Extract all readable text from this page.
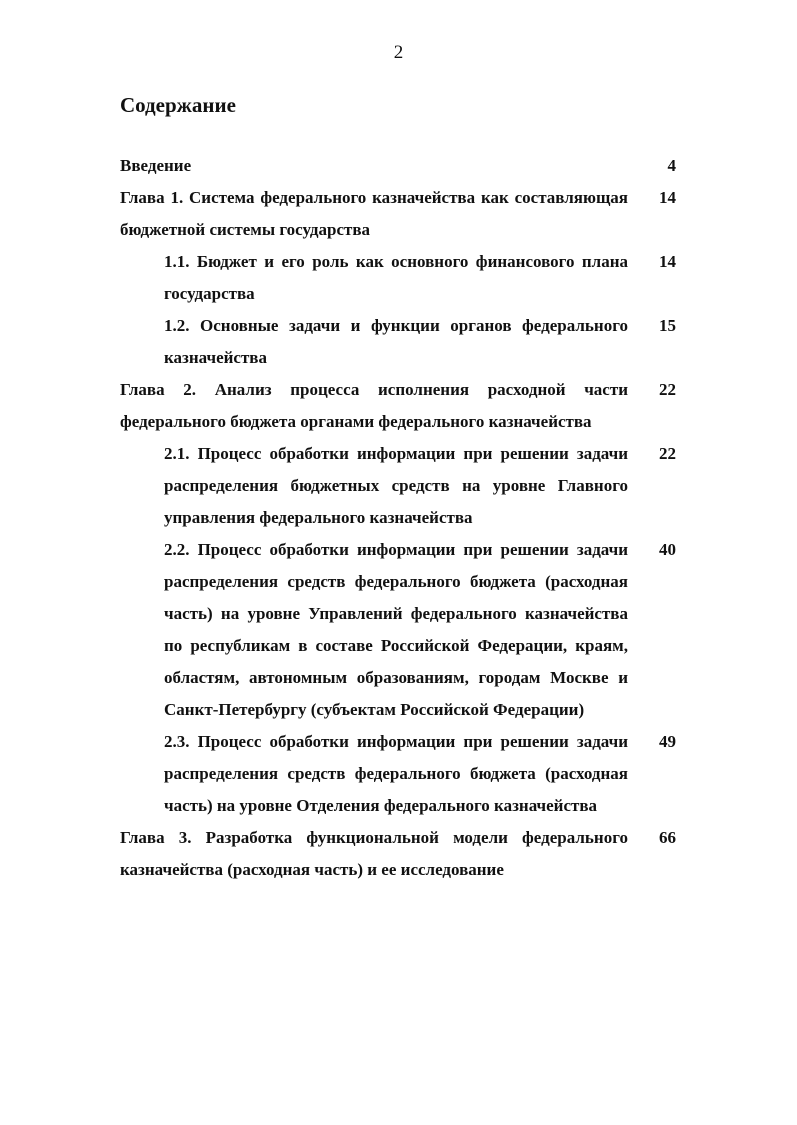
2
Содержание
Введение	4
Глава 1. Система федерального казначейства как составляющая бюджетной системы государства
14
1.1. Бюджет и его роль как основного финансового плана государства
14
1.2. Основные задачи и функции органов федерального казначейства
15
Глава 2. Анализ процесса исполнения расходной части федерального бюджета органами федерального казначейства
22
2.1. Процесс обработки информации при решении задачи распределения бюджетных средств на уровне Главного управления федерального казначейства
22
2.2. Процесс обработки информации при решении задачи распределения средств федерального бюджета (расходная часть) на уровне Управлений федерального казначейства по республикам в составе Российской Федерации, краям, областям, автономным образованиям, городам Москве и Санкт-Петербургу (субъектам Российской Федерации)
40
2.3. Процесс обработки информации при решении задачи распределения средств федерального бюджета (расходная часть) на уровне Отделения федерального казначейства
49
Глава 3. Разработка функциональной модели федерального казначейства (расходная часть) и ее исследование
66
